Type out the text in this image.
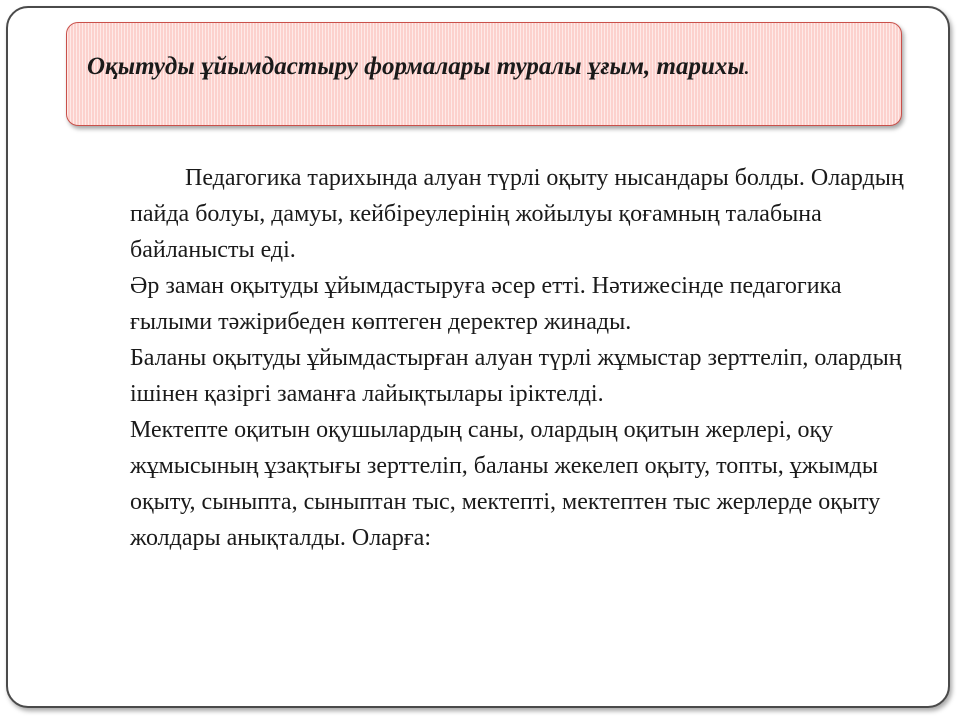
Оқытуды ұйымдастыру формалары туралы ұғым, тарихы.

Педагогика тарихында алуан түрлі оқыту нысандары болды. Олардың пайда болуы, дамуы, кейбіреулерінің жойылуы қоғамның талабына байланысты еді.

Әр заман оқытуды ұйымдастыруға әсер етті. Нәтижесінде педагогика ғылыми тәжірибеден көптеген деректер жинады.

Баланы оқытуды ұйымдастырған алуан түрлі жұмыстар зерттеліп, олардың ішінен қазіргі заманға лайықтылары іріктелді.

Мектепте оқитын оқушылардың саны, олардың оқитын жерлері, оқу жұмысының ұзақтығы зерттеліп, баланы жекелеп оқыту, топты, ұжымды оқыту, сыныпта, сыныптан тыс, мектепті, мектептен тыс жерлерде оқыту жолдары анықталды. Оларға:
